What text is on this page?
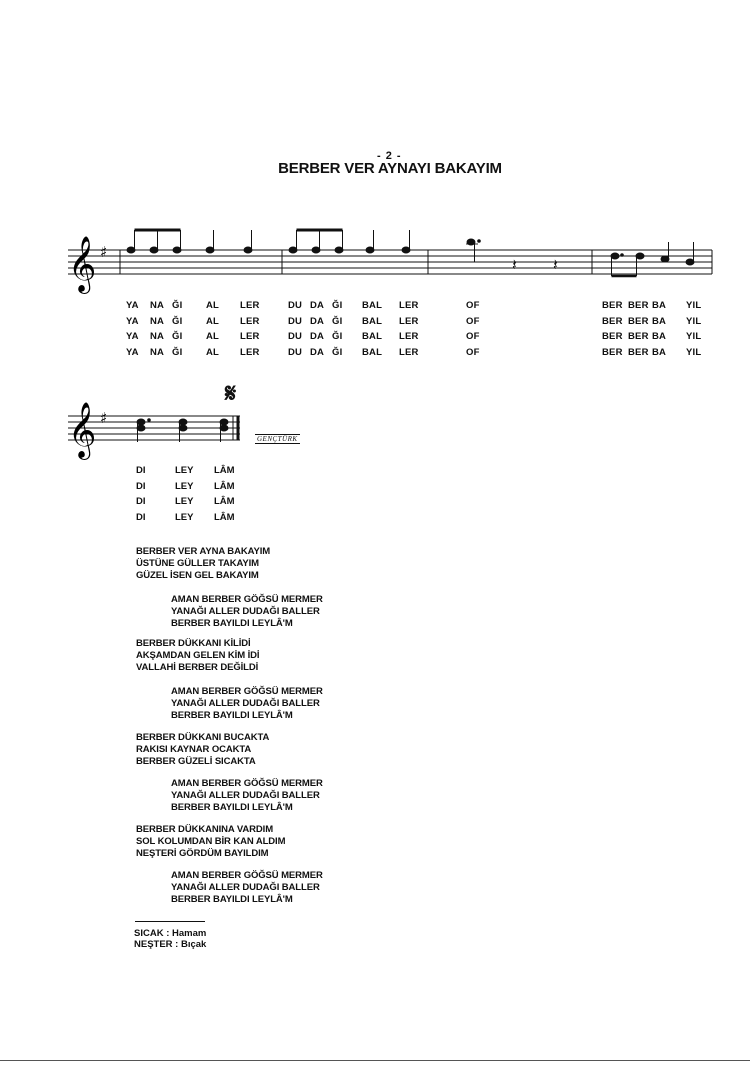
- 2 -
BERBER VER AYNAYI BAKAYIM
𝄞 ♯
𝄽 𝄽
𝄞 ♯
𝄋
GENÇTÜRK
YA NA ĞI AL LER	DU DA ĞI BAL LER	OF	BER BER BA YIL
YA NA ĞI AL LER	DU DA ĞI BAL LER	OF	BER BER BA YIL
YA NA ĞI AL LER	DU DA ĞI BAL LER	OF	BER BER BA YIL
YA NA ĞI AL LER	DU DA ĞI BAL LER	OF	BER BER BA YIL
DI	LEY LÂM
DI	LEY LÂM
DI	LEY LÂM
DI	LEY LÂM
BERBER VER AYNA BAKAYIM
ÜSTÜNE GÜLLER TAKAYIM
GÜZEL İSEN GEL BAKAYIM
AMAN BERBER GÖĞSÜ MERMER
YANAĞI ALLER DUDAĞI BALLER
BERBER BAYILDI LEYLÂ'M
BERBER DÜKKANI KİLİDİ
AKŞAMDAN GELEN KİM İDİ
VALLAHİ BERBER DEĞİLDİ
AMAN BERBER GÖĞSÜ MERMER
YANAĞI ALLER DUDAĞI BALLER
BERBER BAYILDI LEYLÂ'M
BERBER DÜKKANI BUCAKTA
RAKISI KAYNAR OCAKTA
BERBER GÜZELİ SICAKTA
AMAN BERBER GÖĞSÜ MERMER
YANAĞI ALLER DUDAĞI BALLER
BERBER BAYILDI LEYLÂ'M
BERBER DÜKKANINA VARDIM
SOL KOLUMDAN BİR KAN ALDIM
NEŞTERİ GÖRDÜM BAYILDIM
AMAN BERBER GÖĞSÜ MERMER
YANAĞI ALLER DUDAĞI BALLER
BERBER BAYILDI LEYLÂ'M
SICAK : Hamam
NEŞTER : Bıçak
